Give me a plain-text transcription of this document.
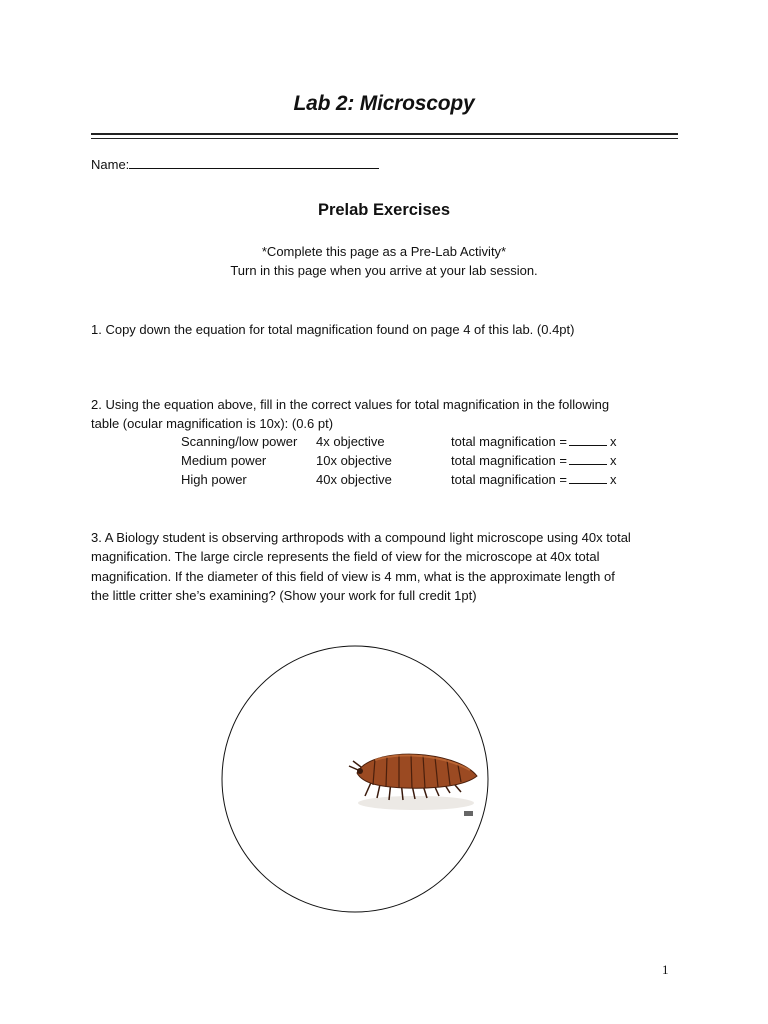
Lab 2: Microscopy
Name:
Prelab Exercises
*Complete this page as a Pre-Lab Activity*
Turn in this page when you arrive at your lab session.
1. Copy down the equation for total magnification found on page 4 of this lab. (0.4pt)
2. Using the equation above, fill in the correct values for total magnification in the following
table (ocular magnification is 10x): (0.6 pt)
Scanning/low power 4x objective	total magnification =	x
Medium power	10x objective	total magnification =	x
High power	40x objective	total magnification =	x
3. A Biology student is observing arthropods with a compound light microscope using 40x total
magnification. The large circle represents the field of view for the microscope at 40x total
magnification. If the diameter of this field of view is 4 mm, what is the approximate length of
the little critter she’s examining? (Show your work for full credit 1pt)
1
